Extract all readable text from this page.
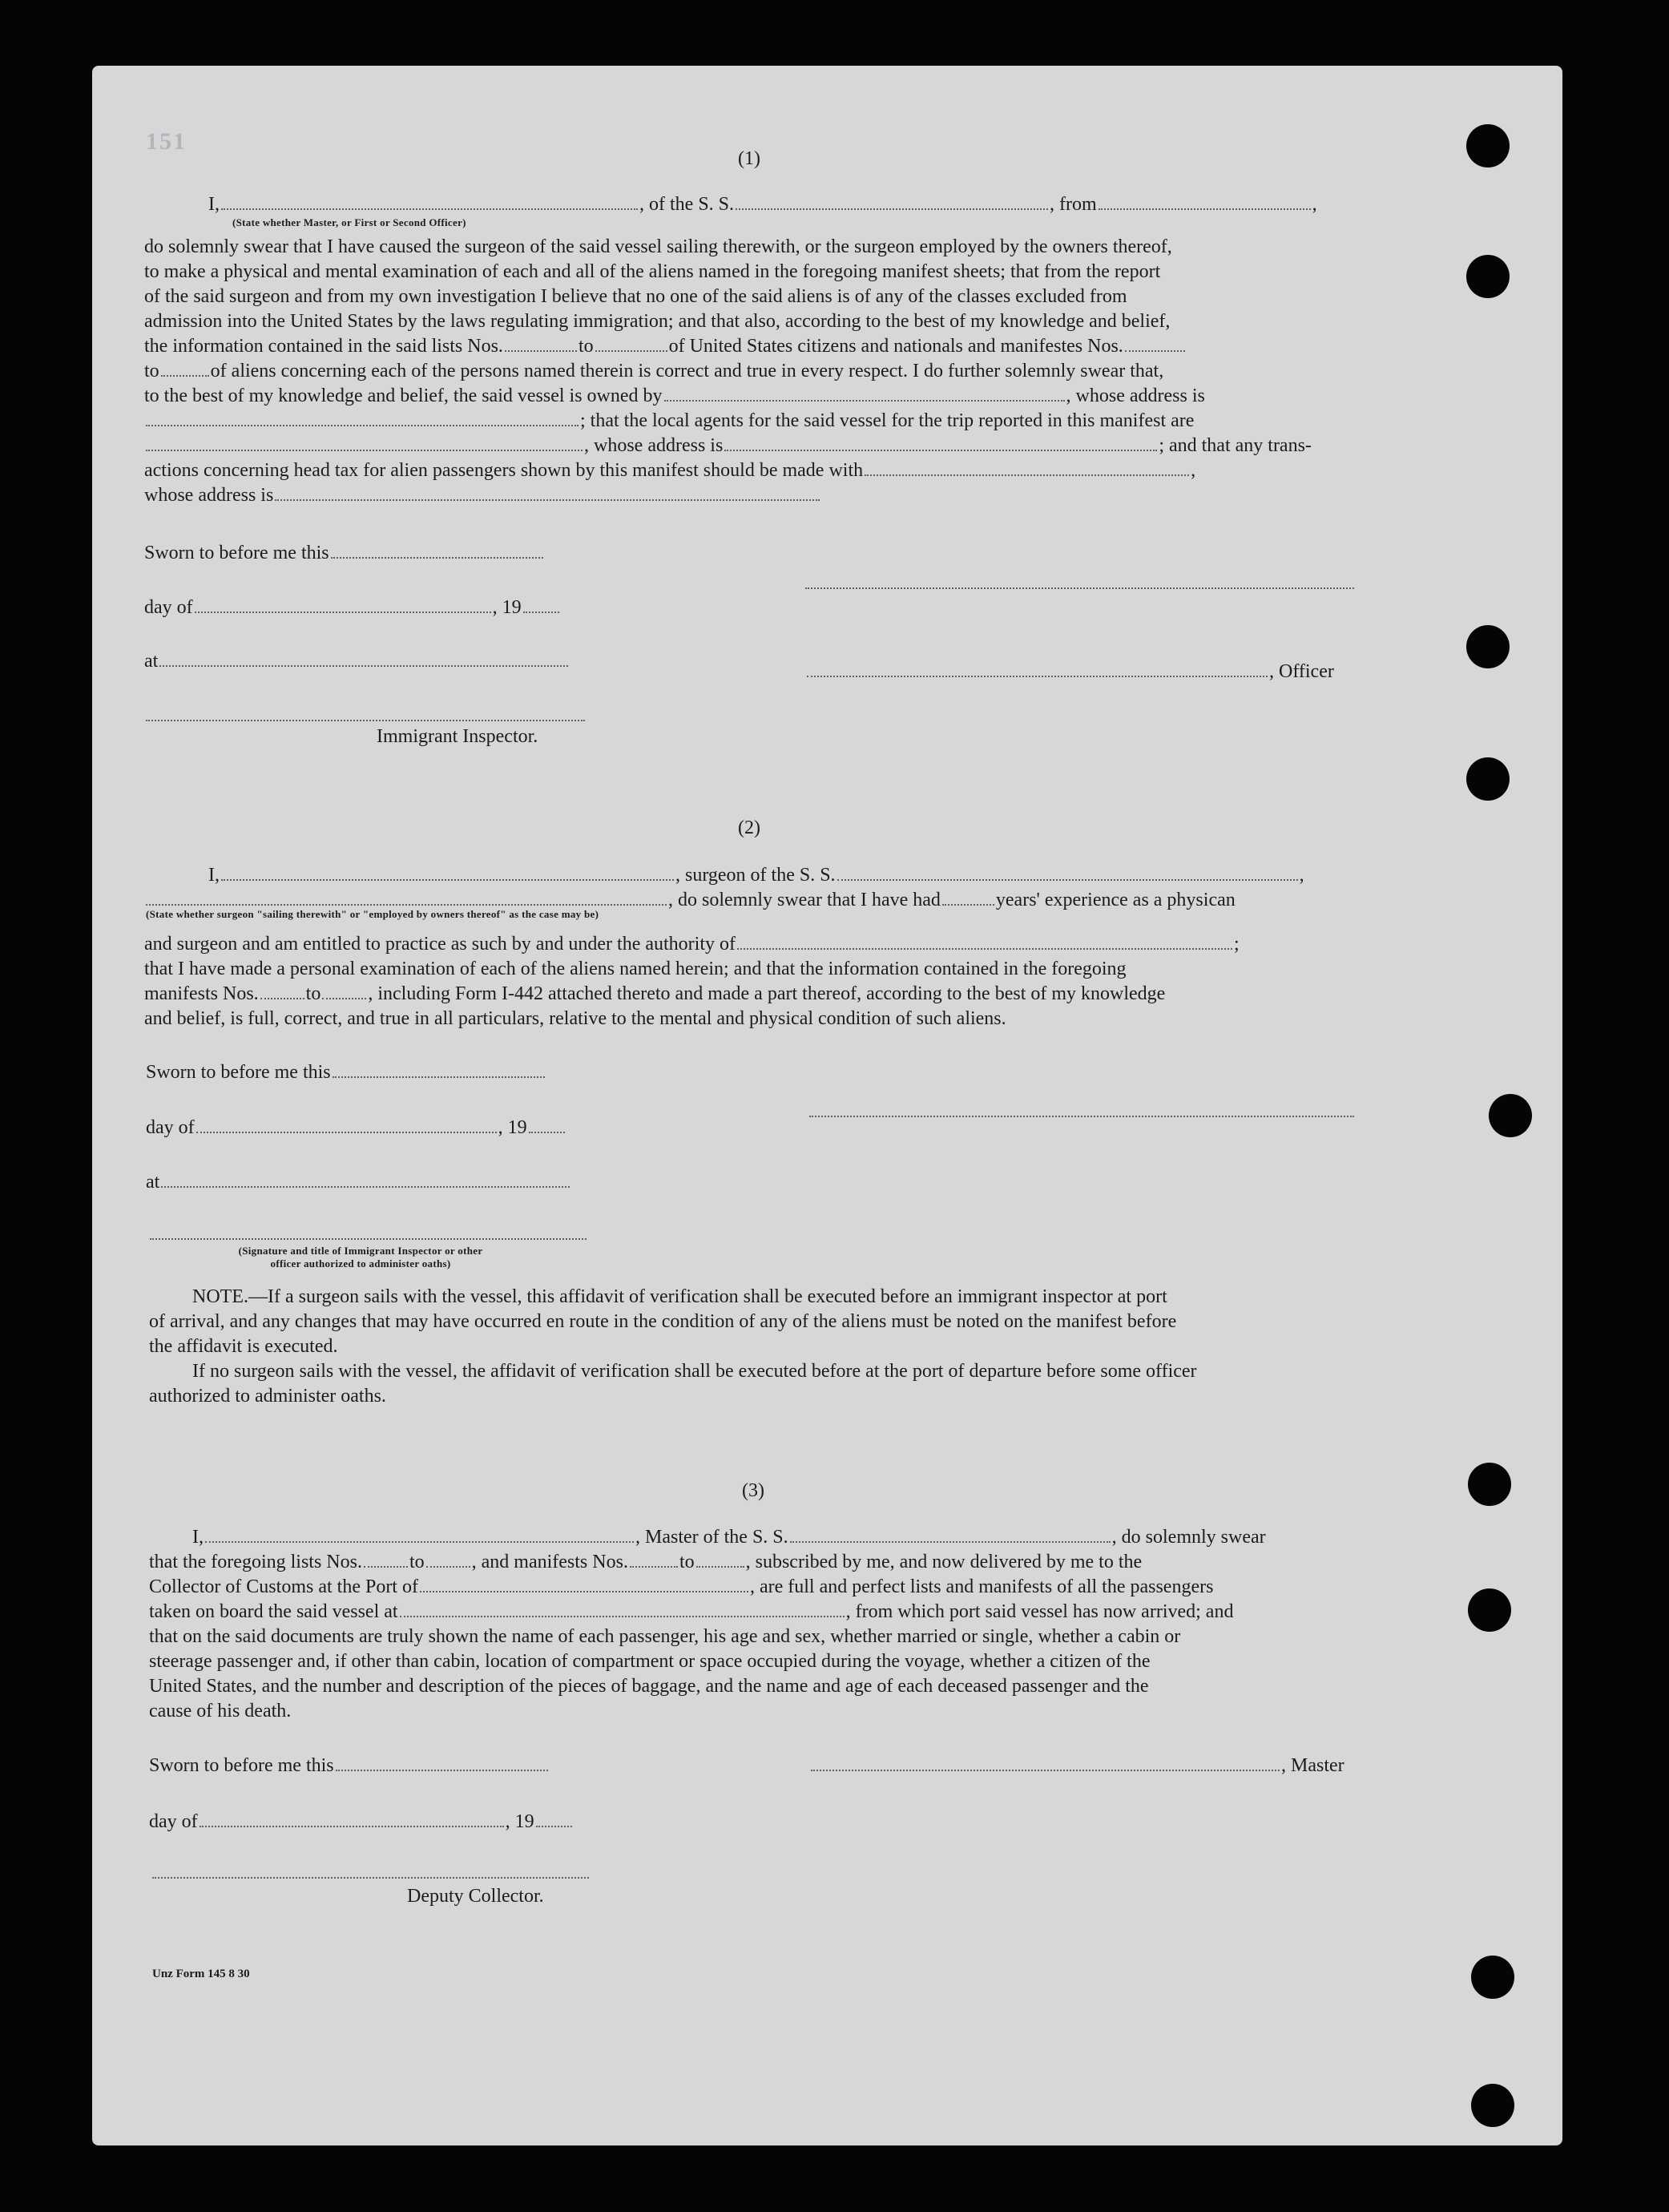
151
(1)
I,	, of the S. S.	, from	,
(State whether Master, or First or Second Officer)
do solemnly swear that I have caused the surgeon of the said vessel sailing therewith, or the surgeon employed by the owners thereof,
to make a physical and mental examination of each and all of the aliens named in the foregoing manifest sheets; that from the report
of the said surgeon and from my own investigation I believe that no one of the said aliens is of any of the classes excluded from
admission into the United States by the laws regulating immigration; and that also, according to the best of my knowledge and belief,
the information contained in the said lists Nos.	to	of United States citizens and nationals and manifestes Nos.
to	of aliens concerning each of the persons named therein is correct and true in every respect. I do further solemnly swear that,
to the best of my knowledge and belief, the said vessel is owned by	, whose address is
; that the local agents for the said vessel for the trip reported in this manifest are
, whose address is	; and that any trans-
actions concerning head tax for alien passengers shown by this manifest should be made with	,
whose address is
Sworn to before me this
day of	, 19
at	, Officer
Immigrant Inspector.
(2)
I,	, surgeon of the S. S.	,
, do solemnly swear that I have had	years' experience as a physican
(State whether surgeon "sailing therewith" or "employed by owners thereof" as the case may be)
and surgeon and am entitled to practice as such by and under the authority of	;
that I have made a personal examination of each of the aliens named herein; and that the information contained in the foregoing
manifests Nos. to , including Form I-442 attached thereto and made a part thereof, according to the best of my knowledge
and belief, is full, correct, and true in all particulars, relative to the mental and physical condition of such aliens.
Sworn to before me this
day of	, 19
at
(Signature and title of Immigrant Inspector or other
officer authorized to administer oaths)
NOTE.—If a surgeon sails with the vessel, this affidavit of verification shall be executed before an immigrant inspector at port
of arrival, and any changes that may have occurred en route in the condition of any of the aliens must be noted on the manifest before
the affidavit is executed.
If no surgeon sails with the vessel, the affidavit of verification shall be executed before at the port of departure before some officer
authorized to administer oaths.
(3)
I,	, Master of the S. S.	, do solemnly swear
that the foregoing lists Nos. to , and manifests Nos.	to	, subscribed by me, and now delivered by me to the
Collector of Customs at the Port of	, are full and perfect lists and manifests of all the passengers
taken on board the said vessel at	, from which port said vessel has now arrived; and
that on the said documents are truly shown the name of each passenger, his age and sex, whether married or single, whether a cabin or
steerage passenger and, if other than cabin, location of compartment or space occupied during the voyage, whether a citizen of the
United States, and the number and description of the pieces of baggage, and the name and age of each deceased passenger and the
cause of his death.
Sworn to before me this	, Master
day of	, 19
Deputy Collector.
Unz Form 145 8 30
